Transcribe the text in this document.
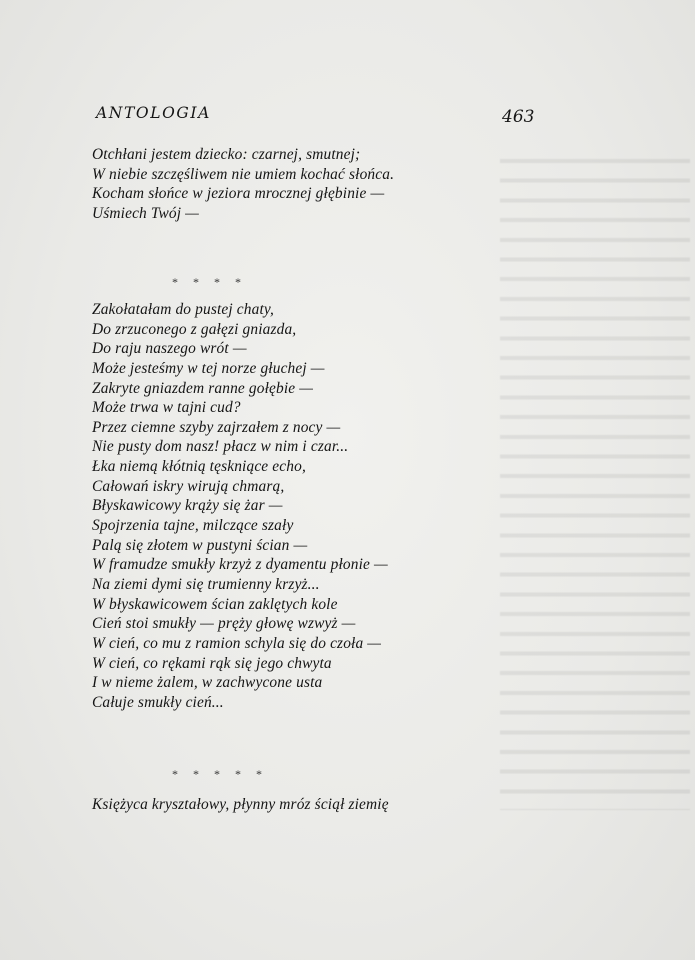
ANTOLOGIA	463

Otchłani jestem dziecko: czarnej, smutnej;
W niebie szczęśliwem nie umiem kochać słońca.
Kocham słońce w jeziora mrocznej głębinie —
Uśmiech Twój —
* * * *
Zakołatałam do pustej chaty,
Do zrzuconego z gałęzi gniazda,
Do raju naszego wrót —
Może jesteśmy w tej norze głuchej —
Zakryte gniazdem ranne gołębie —
Może trwa w tajni cud?
Przez ciemne szyby zajrzałem z nocy —
Nie pusty dom nasz! płacz w nim i czar...
Łka niemą kłótnią tęskniące echo,
Całowań iskry wirują chmarą,
Błyskawicowy krąży się żar —
Spojrzenia tajne, milczące szały
Palą się złotem w pustyni ścian —
W framudze smukły krzyż z dyamentu płonie —
Na ziemi dymi się trumienny krzyż...
W błyskawicowem ścian zaklętych kole
Cień stoi smukły — pręży głowę wzwyż —
W cień, co mu z ramion schyla się do czoła —
W cień, co rękami rąk się jego chwyta
I w nieme żalem, w zachwycone usta
Całuje smukły cień...
* * * * *
Księżyca kryształowy, płynny mróz ściął ziemię
